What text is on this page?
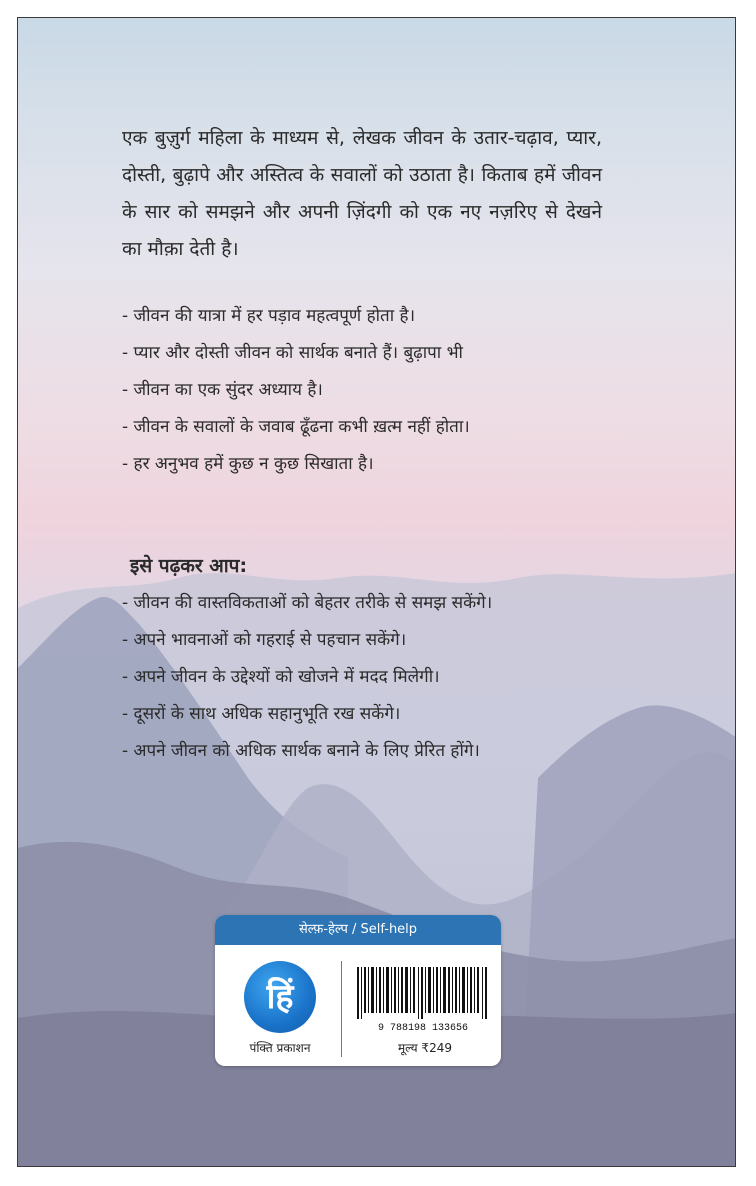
एक बुज़ुर्ग महिला के माध्यम से, लेखक जीवन के उतार-चढ़ाव, प्यार, दोस्ती, बुढ़ापे और अस्तित्व के सवालों को उठाता है। किताब हमें जीवन के सार को समझने और अपनी ज़िंदगी को एक नए नज़रिए से देखने का मौक़ा देती है।
- जीवन की यात्रा में हर पड़ाव महत्वपूर्ण होता है।
- प्यार और दोस्ती जीवन को सार्थक बनाते हैं। बुढ़ापा भी
- जीवन का एक सुंदर अध्याय है।
- जीवन के सवालों के जवाब ढूँढना कभी ख़त्म नहीं होता।
- हर अनुभव हमें कुछ न कुछ सिखाता है।
इसे पढ़कर आप:
- जीवन की वास्तविकताओं को बेहतर तरीके से समझ सकेंगे।
- अपने भावनाओं को गहराई से पहचान सकेंगे।
- अपने जीवन के उद्देश्यों को खोजने में मदद मिलेगी।
- दूसरों के साथ अधिक सहानुभूति रख सकेंगे।
- अपने जीवन को अधिक सार्थक बनाने के लिए प्रेरित होंगे।
सेल्फ़-हेल्प / Self-help
हिं
पंक्ति प्रकाशन
9 788198 133656
मूल्य ₹249
